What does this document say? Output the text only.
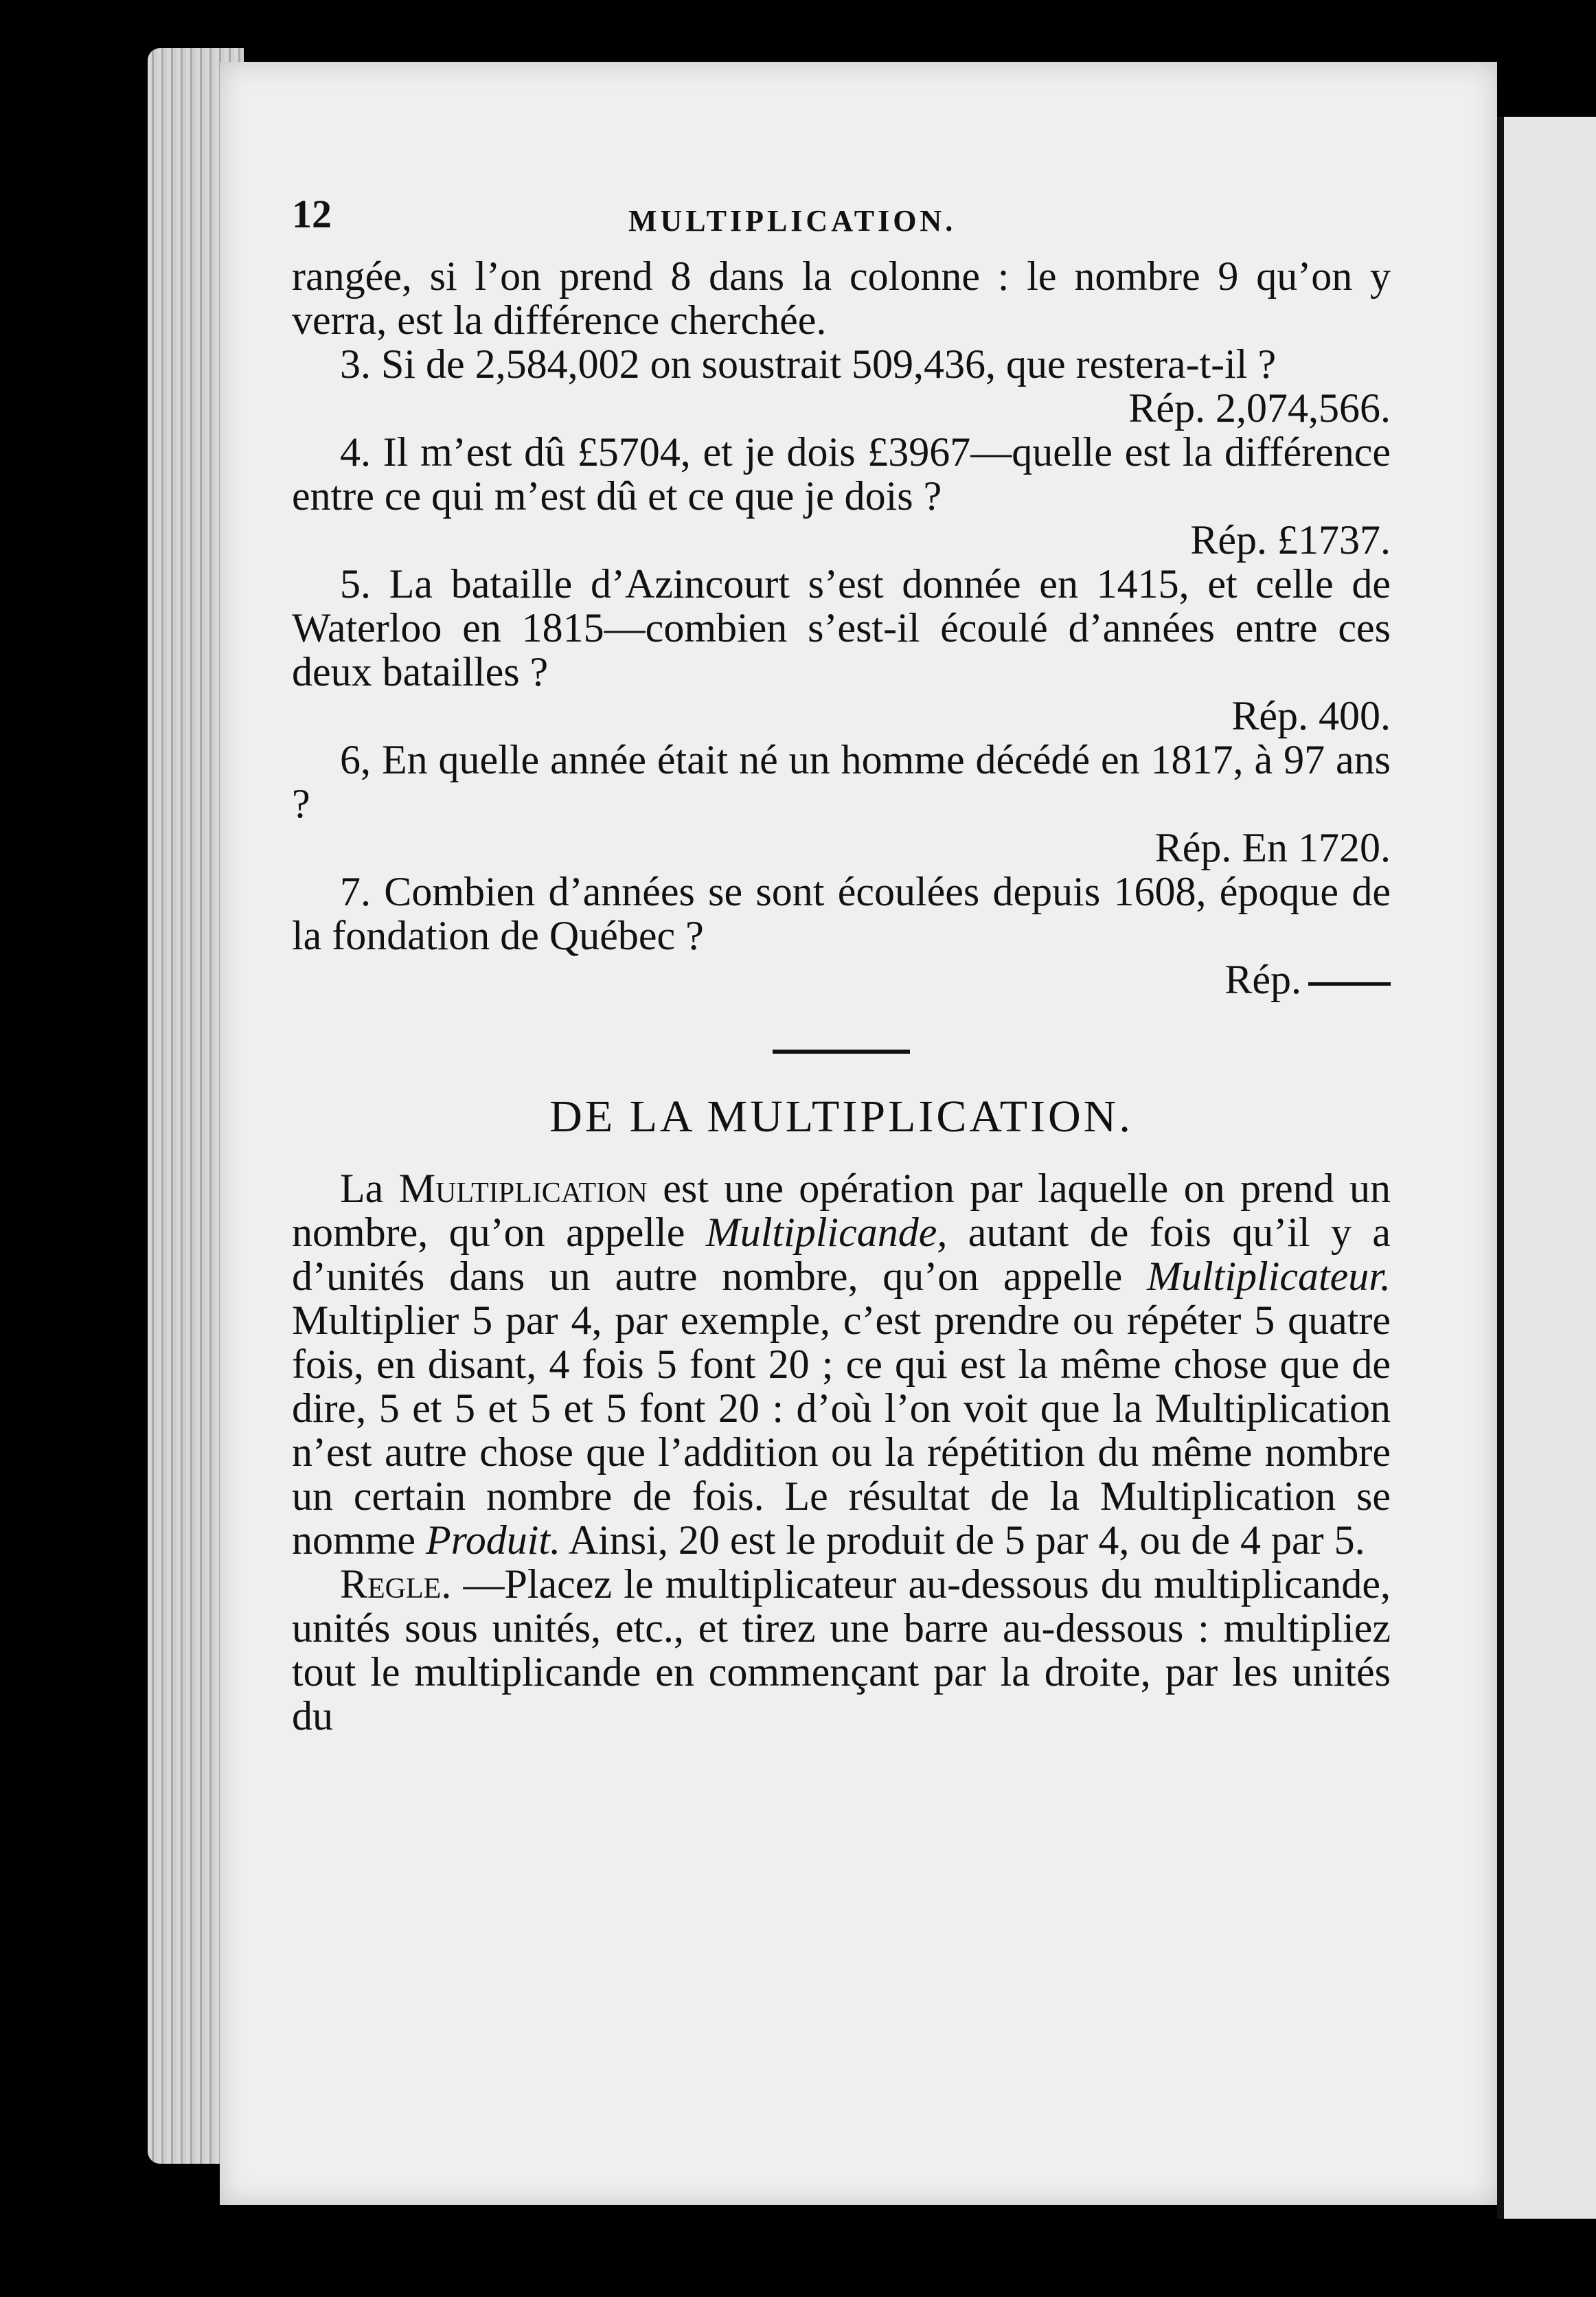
12	MULTIPLICATION.

rangée, si l’on prend 8 dans la colonne : le nombre 9 qu’on y verra, est la différence cherchée.

3. Si de 2,584,002 on soustrait 509,436, que restera-t-il ?

Rép. 2,074,566.

4. Il m’est dû £5704, et je dois £3967—quelle est la différence entre ce qui m’est dû et ce que je dois ?

Rép. £1737.

5. La bataille d’Azincourt s’est donnée en 1415, et celle de Waterloo en 1815—combien s’est-il écoulé d’années entre ces deux batailles ?

Rép. 400.

6, En quelle année était né un homme décédé en 1817, à 97 ans ?

Rép. En 1720.

7. Combien d’années se sont écoulées depuis 1608, époque de la fondation de Québec ?

Rép.
DE LA MULTIPLICATION.

La Multiplication est une opération par laquelle on prend un nombre, qu’on appelle Multiplicande, autant de fois qu’il y a d’unités dans un autre nombre, qu’on appelle Multiplicateur. Multiplier 5 par 4, par exemple, c’est prendre ou répéter 5 quatre fois, en disant, 4 fois 5 font 20 ; ce qui est la même chose que de dire, 5 et 5 et 5 et 5 font 20 : d’où l’on voit que la Multiplication n’est autre chose que l’addition ou la répétition du même nombre un certain nombre de fois. Le résultat de la Multiplication se nomme Produit. Ainsi, 20 est le produit de 5 par 4, ou de 4 par 5.

Regle. —Placez le multiplicateur au-dessous du multiplicande, unités sous unités, etc., et tirez une barre au-dessous : multipliez tout le multiplicande en commençant par la droite, par les unités du
